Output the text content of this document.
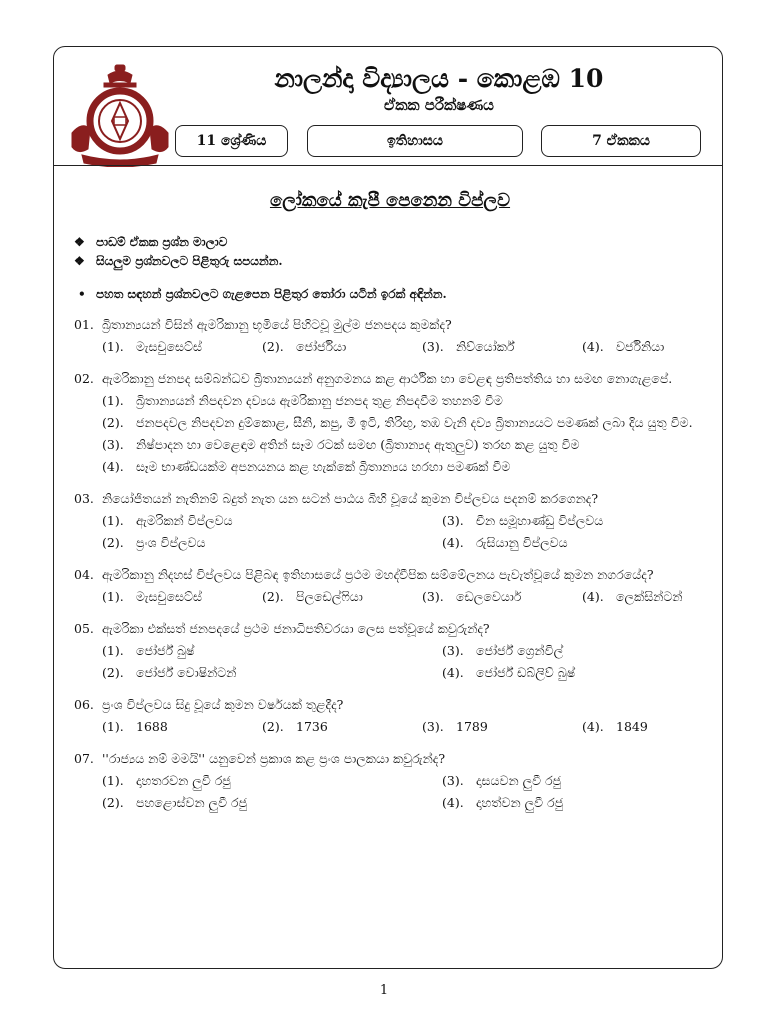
නාලන්දා විද්‍යාලය - කොළඹ 10
ඒකක පරීක්ෂණය
11 ශ්‍රේණිය	ඉතිහාසය	7 ඒකකය
ලෝකයේ කැපී පෙනෙන විප්ලව
❖ පාඩම් ඒකක ප්‍රශ්න මාලාව
❖ සියලුම ප්‍රශ්නවලට පිළිතුරු සපයන්න.
• පහත සඳහන් ප්‍රශ්නවලට ගැළපෙන පිළිතුර තෝරා යටින් ඉරක් අඳින්න.
01. බ්‍රිතාන්‍යයන් විසින් ඇමරිකානු භූමියේ පිහිටවූ මුල්ම ජනපදය කුමක්ද?
(1). මැසචුසෙට්ස්	(2). ජෝර්ජියා	(3). නිව්යෝර්ක්	(4). වර්ජිනියා
02. ඇමරිකානු ජනපද සම්බන්ධව බ්‍රිතාන්‍යයන් අනුගමනය කළ ආර්ථික හා වෙළඳ ප්‍රතිපත්තිය හා සමඟ නොගැළපේ.
(1). බ්‍රිතාන්‍යයන් නිපදවන දව්‍යය ඇමරිකානු ජනපද තුළ නිපදවීම තහනම් වීම
(2). ජනපදවල නිපදවන දුම්කොළ, සීනි, කපු, මී ඉටි, තිරිඟු, තඹ වැනි දව්‍ය බ්‍රිතාන්‍යයට පමණක් ලබා දිය යුතු වීම.
(3). නිෂ්පාදන හා වෙළෙඳාම අතින් සෑම රටක් සමඟ (බ්‍රිතාන්‍යද ඇතුලුව) තරඟ කළ යුතු වීම
(4). සෑම භාණ්ඩයක්ම අපනයනය කළ හැක්කේ බ්‍රිතාන්‍යය හරහා පමණක් වීම
03. නියෝජිතයන් නැතිනම් බදුත් නැත යන සටන් පාඨය බිහි වූයේ කුමන විප්ලවය පදනම් කරගෙනද?
(1). ඇමරිකන් විප්ලවය	(3). චීන සමූහාණ්ඩු විප්ලවය
(2). ප්‍රංශ විප්ලවය	(4). රුසියානු විප්ලවය
04. ඇමරිකානු නිදහස් විප්ලවය පිළිබඳ ඉතිහාසයේ ප්‍රථම මහද්වීපික සම්මේලනය පැවැත්වූයේ කුමන නගරයේද?
(1). මැසචුසෙට්ස්	(2). පිලඩෙල්ෆියා	(3). ඩෙලවෙයාර්	(4). ලෙක්සින්ටන්
05. ඇමරිකා එක්සත් ජනපදයේ ප්‍රථම ජනාධිපතිවරයා ලෙස පත්වූයේ කවුරුන්ද?
(1). ජෝර්ජ් බුෂ්	(3). ජෝර්ජ් ග්‍රෙන්විල්
(2). ජෝර්ජ් වොෂින්ටන්	(4). ජෝර්ජ් ඩබ්ලිව් බුෂ්
06. ප්‍රංශ විප්ලවය සිදු වූයේ කුමන වර්ෂයක් තුළදීද?
(1). 1688	(2). 1736	(3). 1789	(4). 1849
07. ''රාජ්‍යය නම් මමයි'' යනුවෙන් ප්‍රකාශ කළ ප්‍රංශ පාලකයා කවුරුන්ද?
(1). දාහතරවන ලුවී රජු	(3). දාසයවන ලුවී රජු
(2). පහළොස්වන ලුවී රජු	(4). දාහත්වන ලුවී රජු
1
